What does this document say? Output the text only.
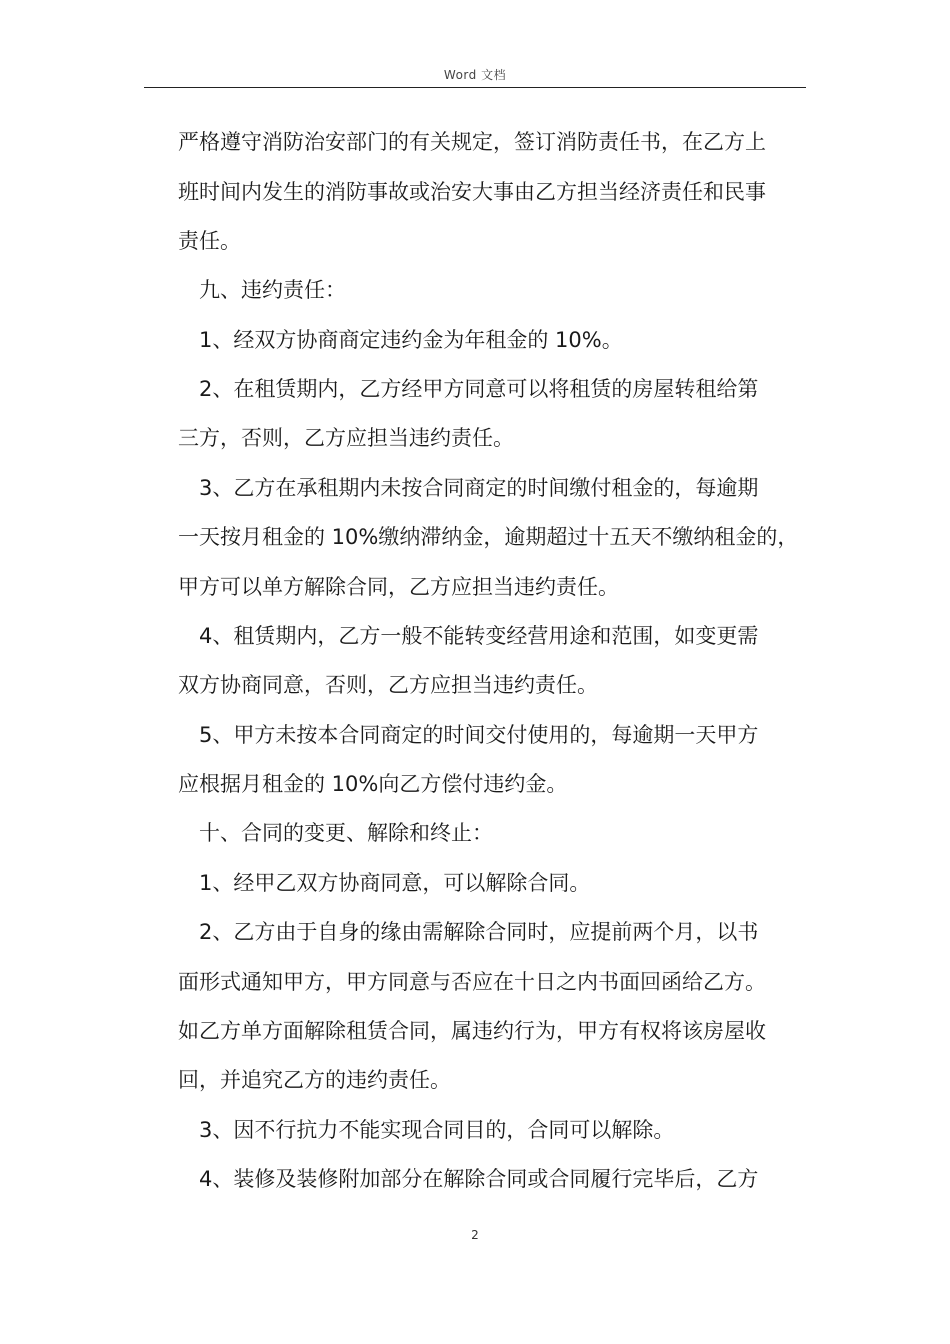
Word 文档
严格遵守消防治安部门的有关规定，签订消防责任书，在乙方上
班时间内发生的消防事故或治安大事由乙方担当经济责任和民事
责任。
九、违约责任：
1、经双方协商商定违约金为年租金的 10%。
2、在租赁期内，乙方经甲方同意可以将租赁的房屋转租给第
三方，否则，乙方应担当违约责任。
3、乙方在承租期内未按合同商定的时间缴付租金的，每逾期
一天按月租金的 10%缴纳滞纳金，逾期超过十五天不缴纳租金的，
甲方可以单方解除合同，乙方应担当违约责任。
4、租赁期内，乙方一般不能转变经营用途和范围，如变更需
双方协商同意，否则，乙方应担当违约责任。
5、甲方未按本合同商定的时间交付使用的，每逾期一天甲方
应根据月租金的 10%向乙方偿付违约金。
十、合同的变更、解除和终止：
1、经甲乙双方协商同意，可以解除合同。
2、乙方由于自身的缘由需解除合同时，应提前两个月，以书
面形式通知甲方，甲方同意与否应在十日之内书面回函给乙方。
如乙方单方面解除租赁合同，属违约行为，甲方有权将该房屋收
回，并追究乙方的违约责任。
3、因不行抗力不能实现合同目的，合同可以解除。
4、装修及装修附加部分在解除合同或合同履行完毕后，乙方
2
